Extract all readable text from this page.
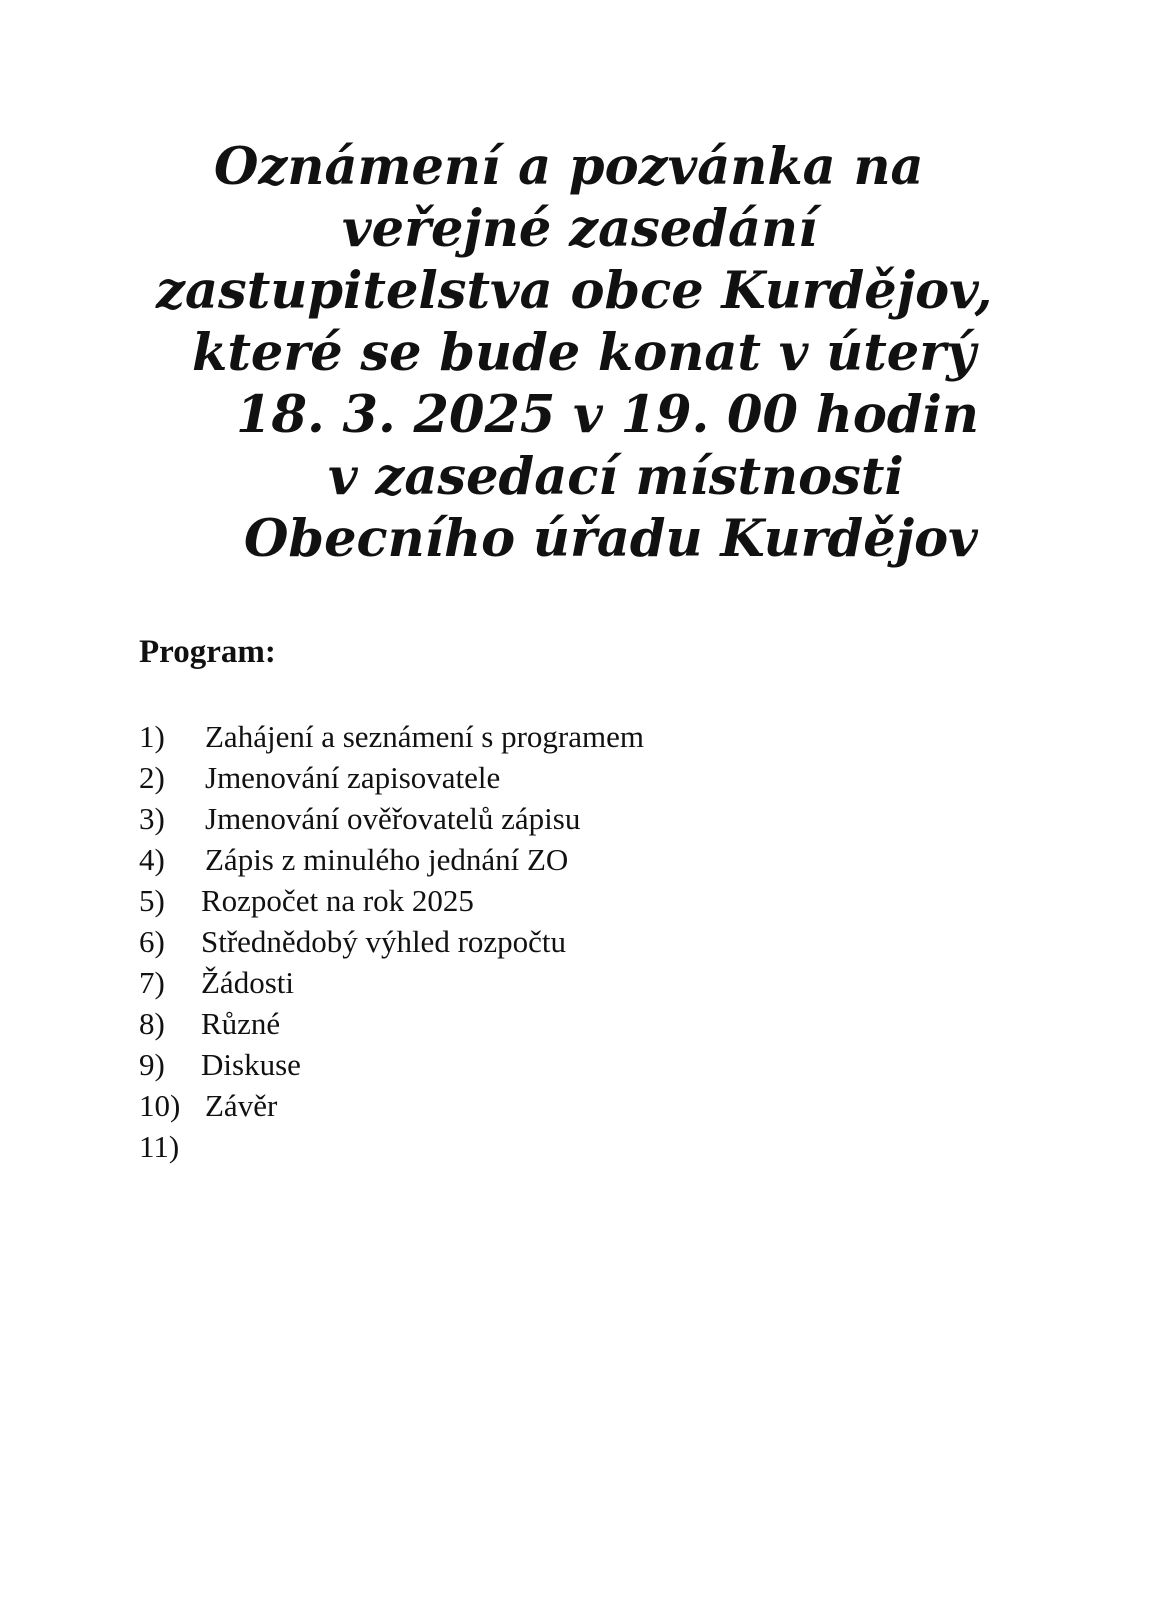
Oznámení a pozvánka na
veřejné zasedání
zastupitelstva obce Kurdějov,
které se bude konat v úterý
18. 3. 2025 v 19. 00 hodin
v zasedací místnosti
Obecního úřadu Kurdějov
Program:
1)	Zahájení a seznámení s programem
2)	Jmenování zapisovatele
3)	Jmenování ověřovatelů zápisu
4)	Zápis z minulého jednání ZO
5)	Rozpočet na rok 2025
6)	Střednědobý výhled rozpočtu
7)	Žádosti
8)	Různé
9)	Diskuse
10) Závěr
11)
